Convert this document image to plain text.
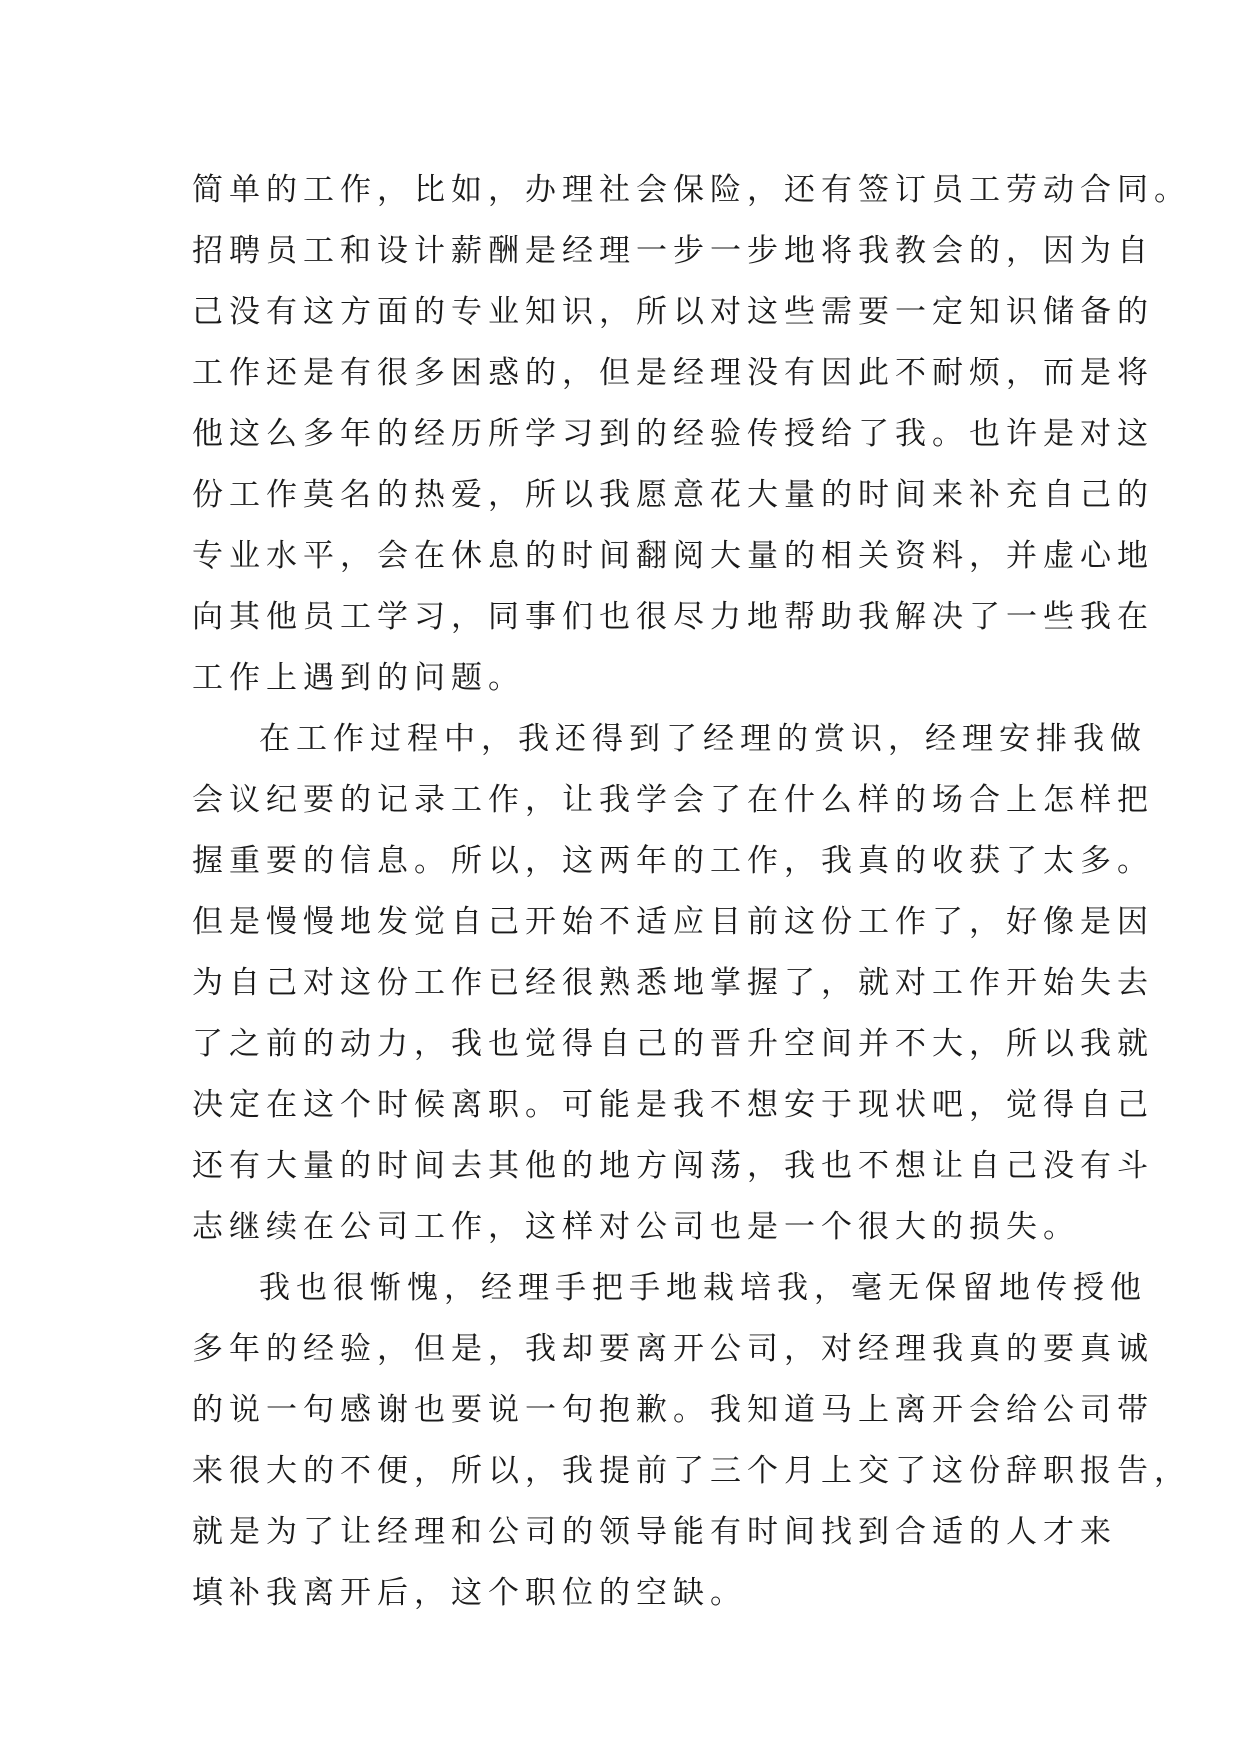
简单的工作，比如，办理社会保险，还有签订员工劳动合同。
招聘员工和设计薪酬是经理一步一步地将我教会的，因为自
己没有这方面的专业知识，所以对这些需要一定知识储备的
工作还是有很多困惑的，但是经理没有因此不耐烦，而是将
他这么多年的经历所学习到的经验传授给了我。也许是对这
份工作莫名的热爱，所以我愿意花大量的时间来补充自己的
专业水平，会在休息的时间翻阅大量的相关资料，并虚心地
向其他员工学习，同事们也很尽力地帮助我解决了一些我在
工作上遇到的问题。
在工作过程中，我还得到了经理的赏识，经理安排我做
会议纪要的记录工作，让我学会了在什么样的场合上怎样把
握重要的信息。所以，这两年的工作，我真的收获了太多。
但是慢慢地发觉自己开始不适应目前这份工作了，好像是因
为自己对这份工作已经很熟悉地掌握了，就对工作开始失去
了之前的动力，我也觉得自己的晋升空间并不大，所以我就
决定在这个时候离职。可能是我不想安于现状吧，觉得自己
还有大量的时间去其他的地方闯荡，我也不想让自己没有斗
志继续在公司工作，这样对公司也是一个很大的损失。
我也很惭愧，经理手把手地栽培我，毫无保留地传授他
多年的经验，但是，我却要离开公司，对经理我真的要真诚
的说一句感谢也要说一句抱歉。我知道马上离开会给公司带
来很大的不便，所以，我提前了三个月上交了这份辞职报告，
就是为了让经理和公司的领导能有时间找到合适的人才来
填补我离开后，这个职位的空缺。
